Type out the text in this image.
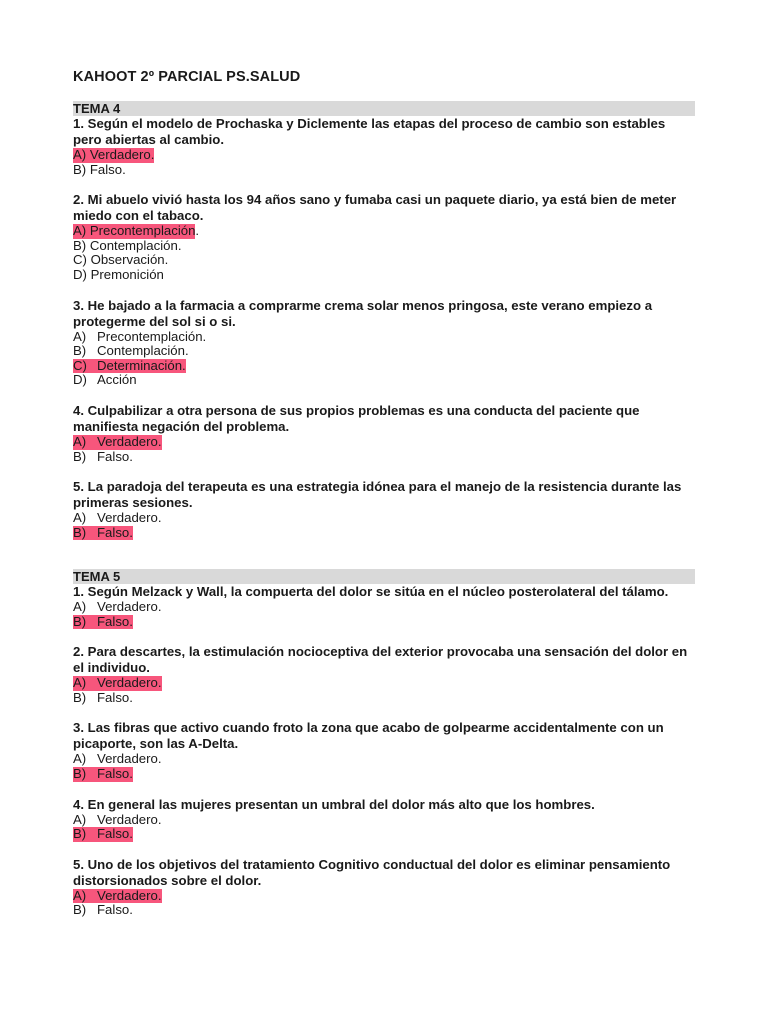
KAHOOT 2º PARCIAL PS.SALUD
TEMA 4
1. Según el modelo de Prochaska y Diclemente las etapas del proceso de cambio son estables pero abiertas al cambio.
A) Verdadero.
B) Falso.
2. Mi abuelo vivió hasta los 94 años sano y fumaba casi un paquete diario, ya está bien de meter miedo con el tabaco.
A) Precontemplación.
B) Contemplación.
C) Observación.
D) Premonición
3. He bajado a la farmacia a comprarme crema solar menos pringosa, este verano empiezo a protegerme del sol si o si.
A) Precontemplación.
B) Contemplación.
C) Determinación.
D) Acción
4. Culpabilizar a otra persona de sus propios problemas es una conducta del paciente que manifiesta negación del problema.
A) Verdadero.
B) Falso.
5. La paradoja del terapeuta es una estrategia idónea para el manejo de la resistencia durante las primeras sesiones.
A) Verdadero.
B) Falso.
TEMA 5
1. Según Melzack y Wall, la compuerta del dolor se sitúa en el núcleo posterolateral del tálamo.
A) Verdadero.
B) Falso.
2. Para descartes, la estimulación nocioceptiva del exterior provocaba una sensación del dolor en el individuo.
A) Verdadero.
B) Falso.
3. Las fibras que activo cuando froto la zona que acabo de golpearme accidentalmente con un picaporte, son las A-Delta.
A) Verdadero.
B) Falso.
4. En general las mujeres presentan un umbral del dolor más alto que los hombres.
A) Verdadero.
B) Falso.
5. Uno de los objetivos del tratamiento Cognitivo conductual del dolor es eliminar pensamiento distorsionados sobre el dolor.
A) Verdadero.
B) Falso.
